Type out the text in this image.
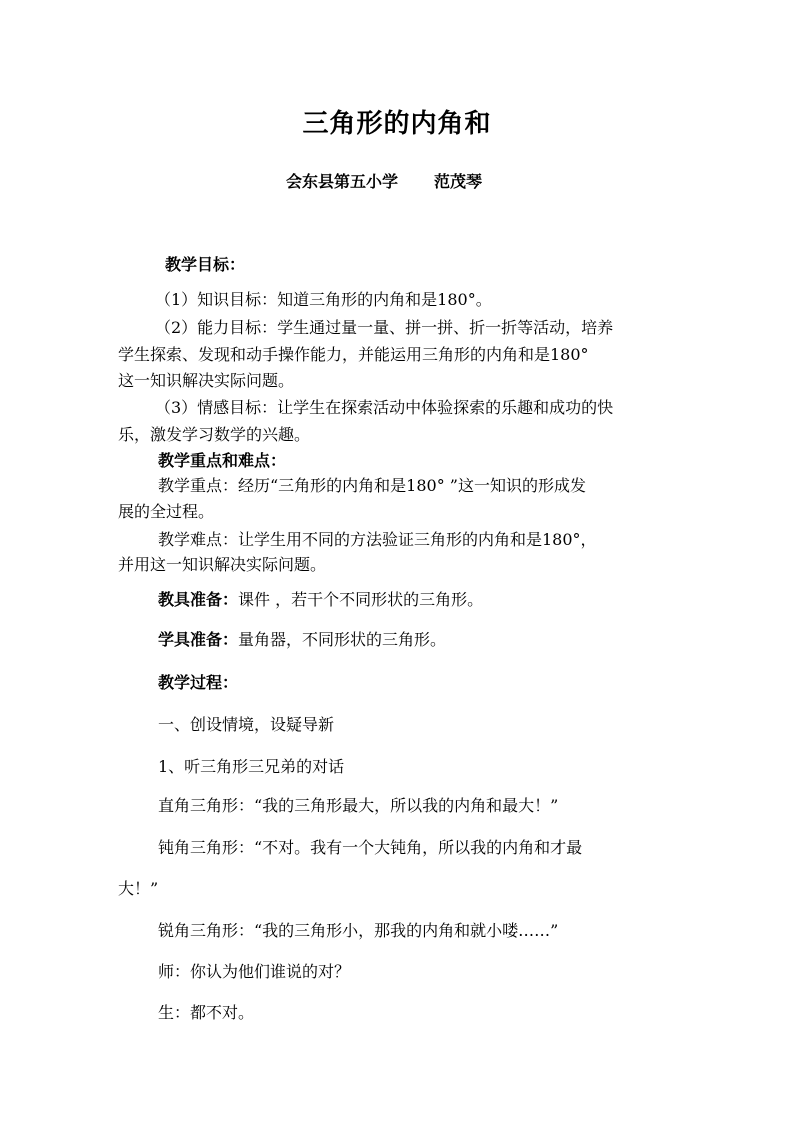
三角形的内角和
会东县第五小学 范茂琴
教学目标：
（1）知识目标：知道三角形的内角和是180°。
（2）能力目标：学生通过量一量、拼一拼、折一折等活动，培养
学生探索、发现和动手操作能力，并能运用三角形的内角和是180°
这一知识解决实际问题。
（3）情感目标：让学生在探索活动中体验探索的乐趣和成功的快
乐，激发学习数学的兴趣。
教学重点和难点：
教学重点：经历“三角形的内角和是180° ”这一知识的形成发
展的全过程。
教学难点：让学生用不同的方法验证三角形的内角和是180°，
并用这一知识解决实际问题。
教具准备：课件 ，若干个不同形状的三角形。
学具准备：量角器，不同形状的三角形。
教学过程：
一、创设情境，设疑导新
1、听三角形三兄弟的对话
直角三角形：“我的三角形最大，所以我的内角和最大！”
钝角三角形：“不对。我有一个大钝角，所以我的内角和才最
大！”
锐角三角形：“我的三角形小，那我的内角和就小喽……”
师：你认为他们谁说的对？
生：都不对。
